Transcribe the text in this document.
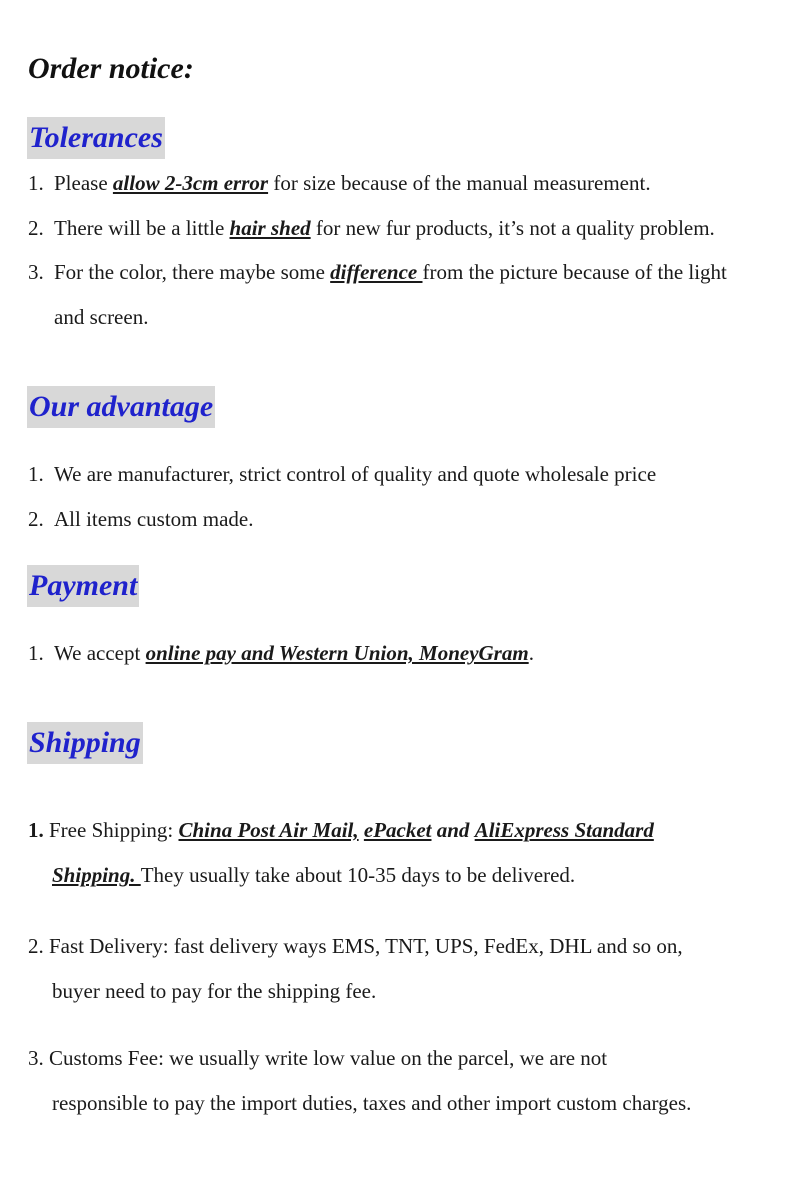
Order notice:
Tolerances

1. Please allow 2-3cm error for size because of the manual measurement.

2. There will be a little hair shed for new fur products, it’s not a quality problem.

3. For the color, there maybe some difference from the picture because of the light

and screen.

Our advantage

1. We are manufacturer, strict control of quality and quote wholesale price

2. All items custom made.

Payment

1. We accept online pay and Western Union, MoneyGram.

Shipping

1. Free Shipping: China Post Air Mail, ePacket and AliExpress Standard

Shipping. They usually take about 10-35 days to be delivered.

2. Fast Delivery: fast delivery ways EMS, TNT, UPS, FedEx, DHL and so on,

buyer need to pay for the shipping fee.

3. Customs Fee: we usually write low value on the parcel, we are not

responsible to pay the import duties, taxes and other import custom charges.
